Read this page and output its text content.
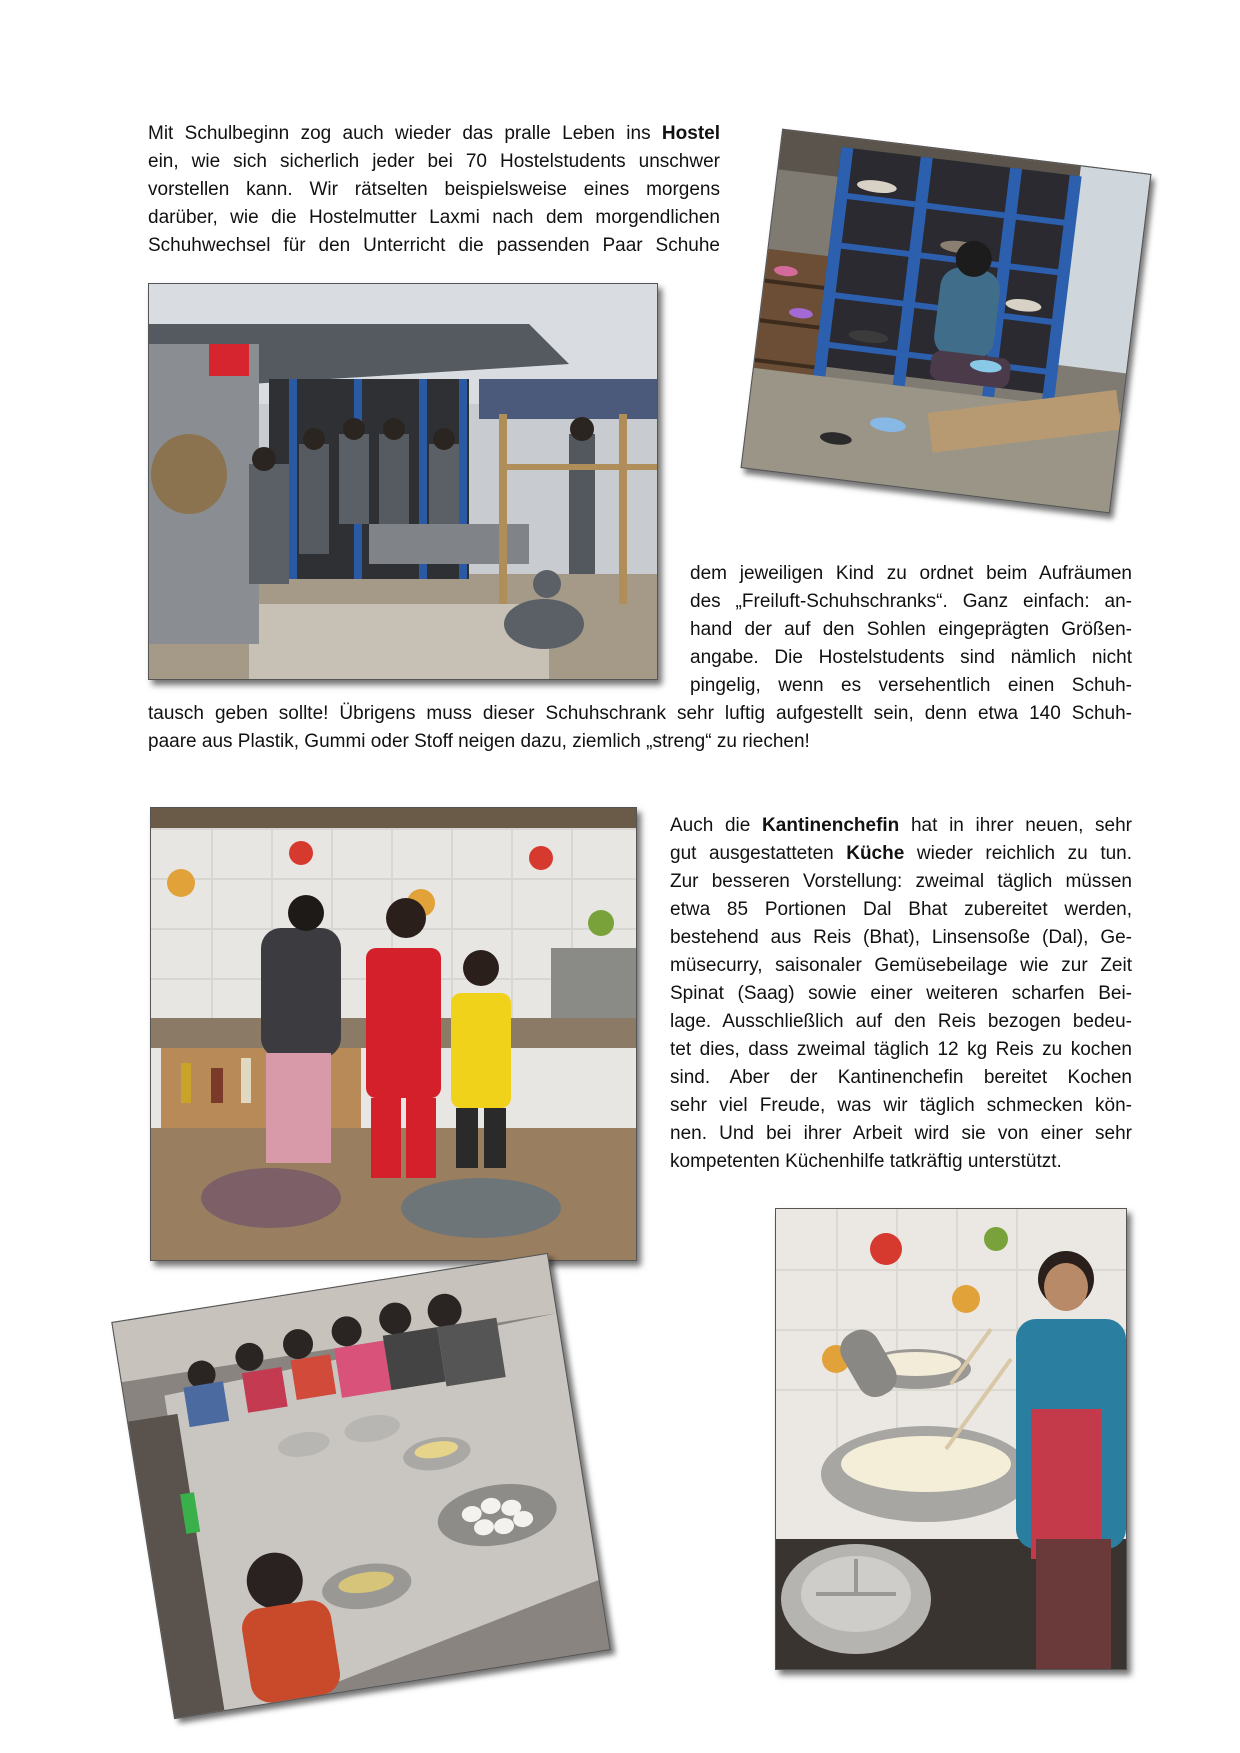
Mit Schulbeginn zog auch wieder das pralle Leben ins Hostel
ein, wie sich sicherlich jeder bei 70 Hostelstudents unschwer
vorstellen kann. Wir rätselten beispielsweise eines morgens
darüber, wie die Hostelmutter Laxmi nach dem morgendlichen
Schuhwechsel für den Unterricht die passenden Paar Schuhe
dem jeweiligen Kind zu ordnet beim Aufräumen
des „Freiluft-Schuhschranks“. Ganz einfach: an-
hand der auf den Sohlen eingeprägten Größen-
angabe. Die Hostelstudents sind nämlich nicht
pingelig, wenn es versehentlich einen Schuh-
tausch geben sollte! Übrigens muss dieser Schuhschrank sehr luftig aufgestellt sein, denn etwa 140 Schuh-
paare aus Plastik, Gummi oder Stoff neigen dazu, ziemlich „streng“ zu riechen!
Auch die Kantinenchefin hat in ihrer neuen, sehr
gut ausgestatteten Küche wieder reichlich zu tun.
Zur besseren Vorstellung: zweimal täglich müssen
etwa 85 Portionen Dal Bhat zubereitet werden,
bestehend aus Reis (Bhat), Linsensoße (Dal), Ge-
müsecurry, saisonaler Gemüsebeilage wie zur Zeit
Spinat (Saag) sowie einer weiteren scharfen Bei-
lage. Ausschließlich auf den Reis bezogen bedeu-
tet dies, dass zweimal täglich 12 kg Reis zu kochen
sind. Aber der Kantinenchefin bereitet Kochen
sehr viel Freude, was wir täglich schmecken kön-
nen. Und bei ihrer Arbeit wird sie von einer sehr
kompetenten Küchenhilfe tatkräftig unterstützt.
